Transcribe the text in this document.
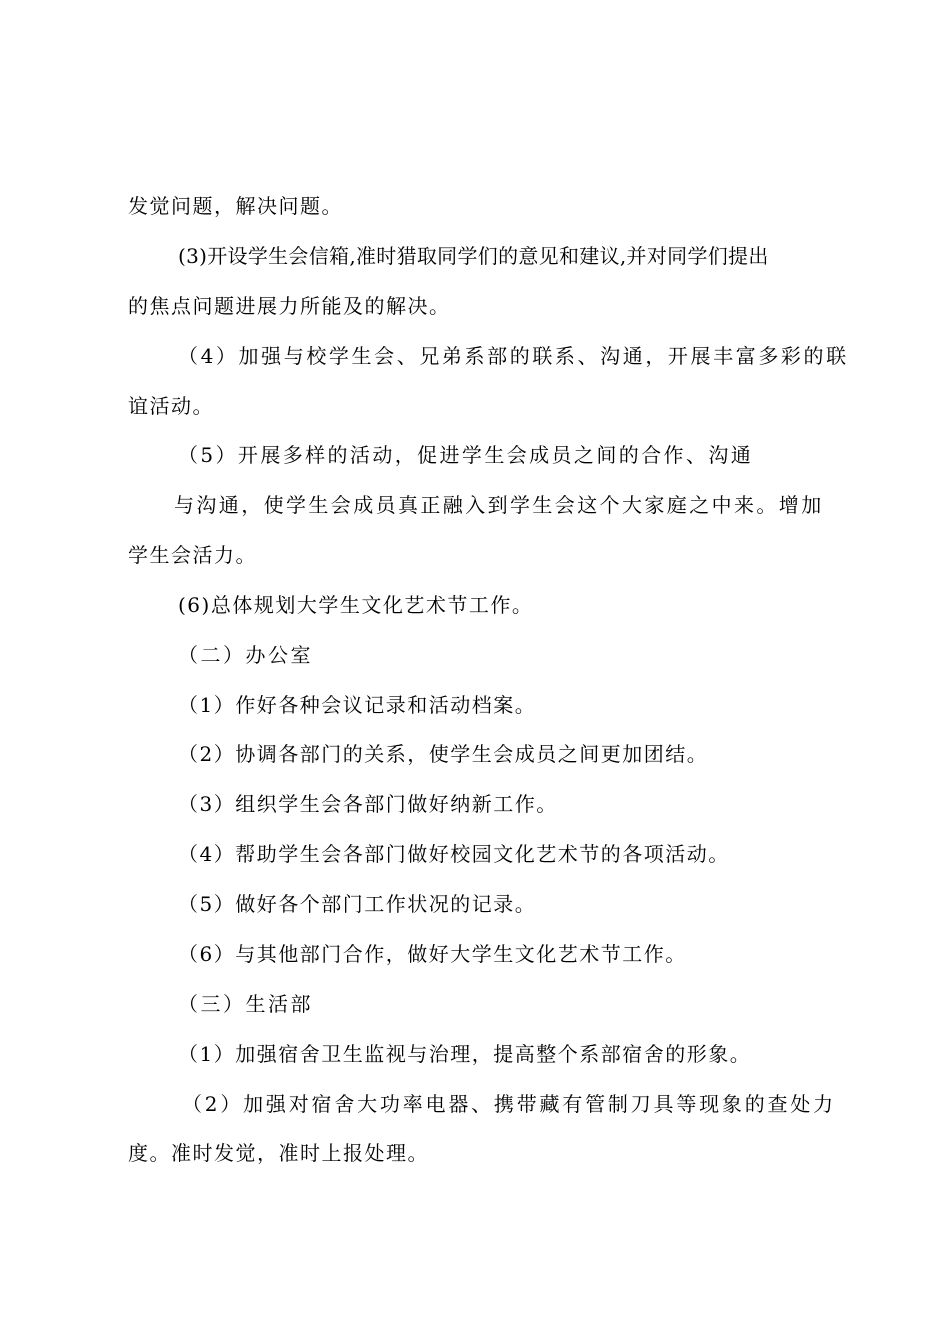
发觉问题，解决问题。
(3)开设学生会信箱,准时猎取同学们的意见和建议,并对同学们提出
的焦点问题进展力所能及的解决。
（4）加强与校学生会、兄弟系部的联系、沟通，开展丰富多彩的联
谊活动。
（5）开展多样的活动，促进学生会成员之间的合作、沟通
与沟通，使学生会成员真正融入到学生会这个大家庭之中来。增加
学生会活力。
(6)总体规划大学生文化艺术节工作。
（二）办公室
（1）作好各种会议记录和活动档案。
（2）协调各部门的关系，使学生会成员之间更加团结。
（3）组织学生会各部门做好纳新工作。
（4）帮助学生会各部门做好校园文化艺术节的各项活动。
（5）做好各个部门工作状况的记录。
（6）与其他部门合作，做好大学生文化艺术节工作。
（三）生活部
（1）加强宿舍卫生监视与治理，提高整个系部宿舍的形象。
（2）加强对宿舍大功率电器、携带藏有管制刀具等现象的查处力
度。准时发觉，准时上报处理。
